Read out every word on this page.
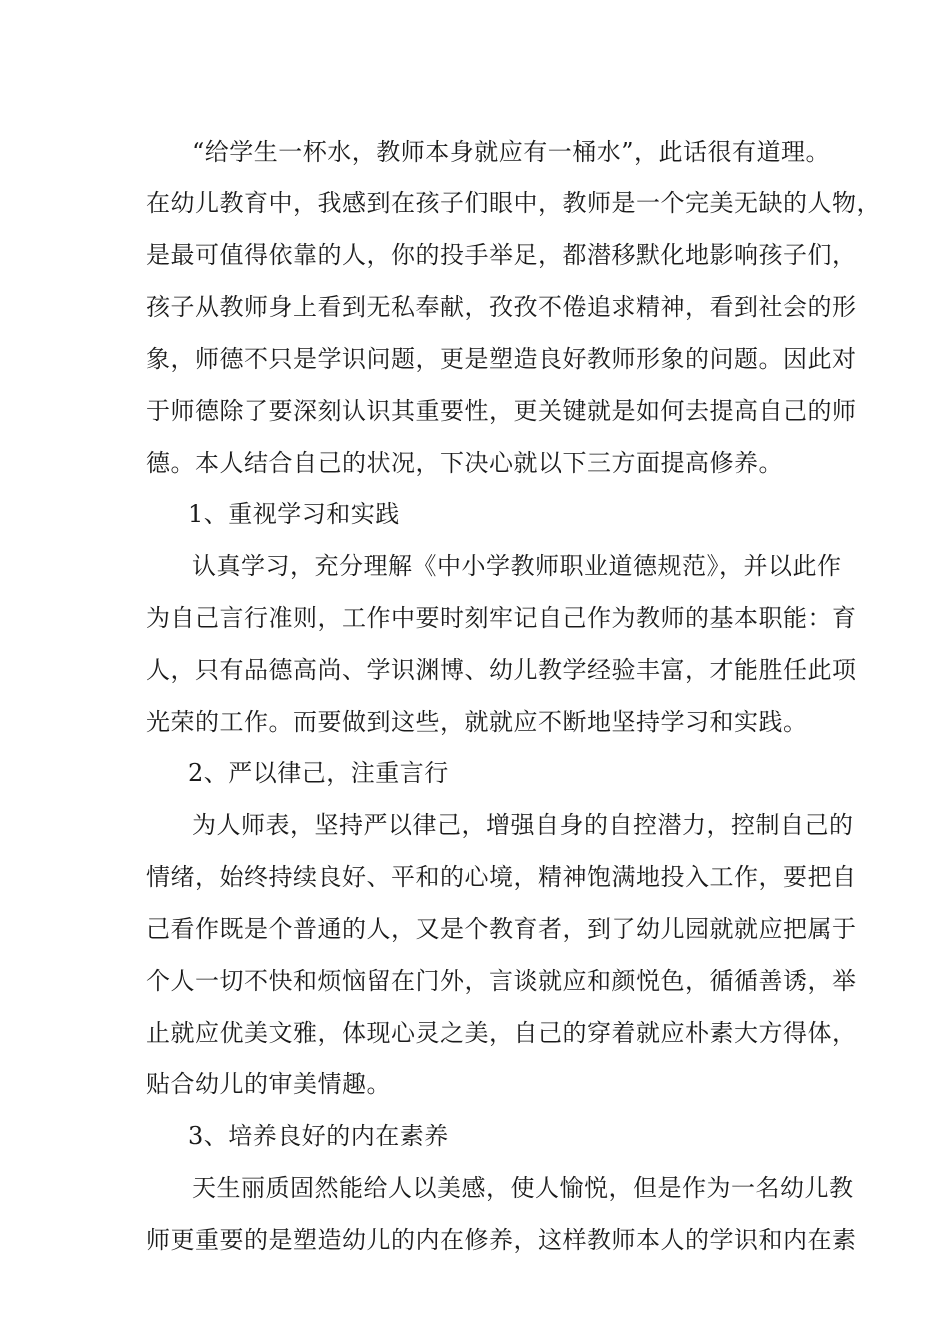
“给学生一杯水，教师本身就应有一桶水”，此话很有道理。
在幼儿教育中，我感到在孩子们眼中，教师是一个完美无缺的人物，
是最可值得依靠的人，你的投手举足，都潜移默化地影响孩子们，
孩子从教师身上看到无私奉献，孜孜不倦追求精神，看到社会的形
象，师德不只是学识问题，更是塑造良好教师形象的问题。因此对
于师德除了要深刻认识其重要性，更关键就是如何去提高自己的师
德。本人结合自己的状况，下决心就以下三方面提高修养。
1、重视学习和实践
认真学习，充分理解《中小学教师职业道德规范》，并以此作
为自己言行准则，工作中要时刻牢记自己作为教师的基本职能：育
人，只有品德高尚、学识渊博、幼儿教学经验丰富，才能胜任此项
光荣的工作。而要做到这些，就就应不断地坚持学习和实践。
2、严以律己，注重言行
为人师表，坚持严以律己，增强自身的自控潜力，控制自己的
情绪，始终持续良好、平和的心境，精神饱满地投入工作，要把自
己看作既是个普通的人，又是个教育者，到了幼儿园就就应把属于
个人一切不快和烦恼留在门外，言谈就应和颜悦色，循循善诱，举
止就应优美文雅，体现心灵之美，自己的穿着就应朴素大方得体，
贴合幼儿的审美情趣。
3、培养良好的内在素养
天生丽质固然能给人以美感，使人愉悦，但是作为一名幼儿教
师更重要的是塑造幼儿的内在修养，这样教师本人的学识和内在素
